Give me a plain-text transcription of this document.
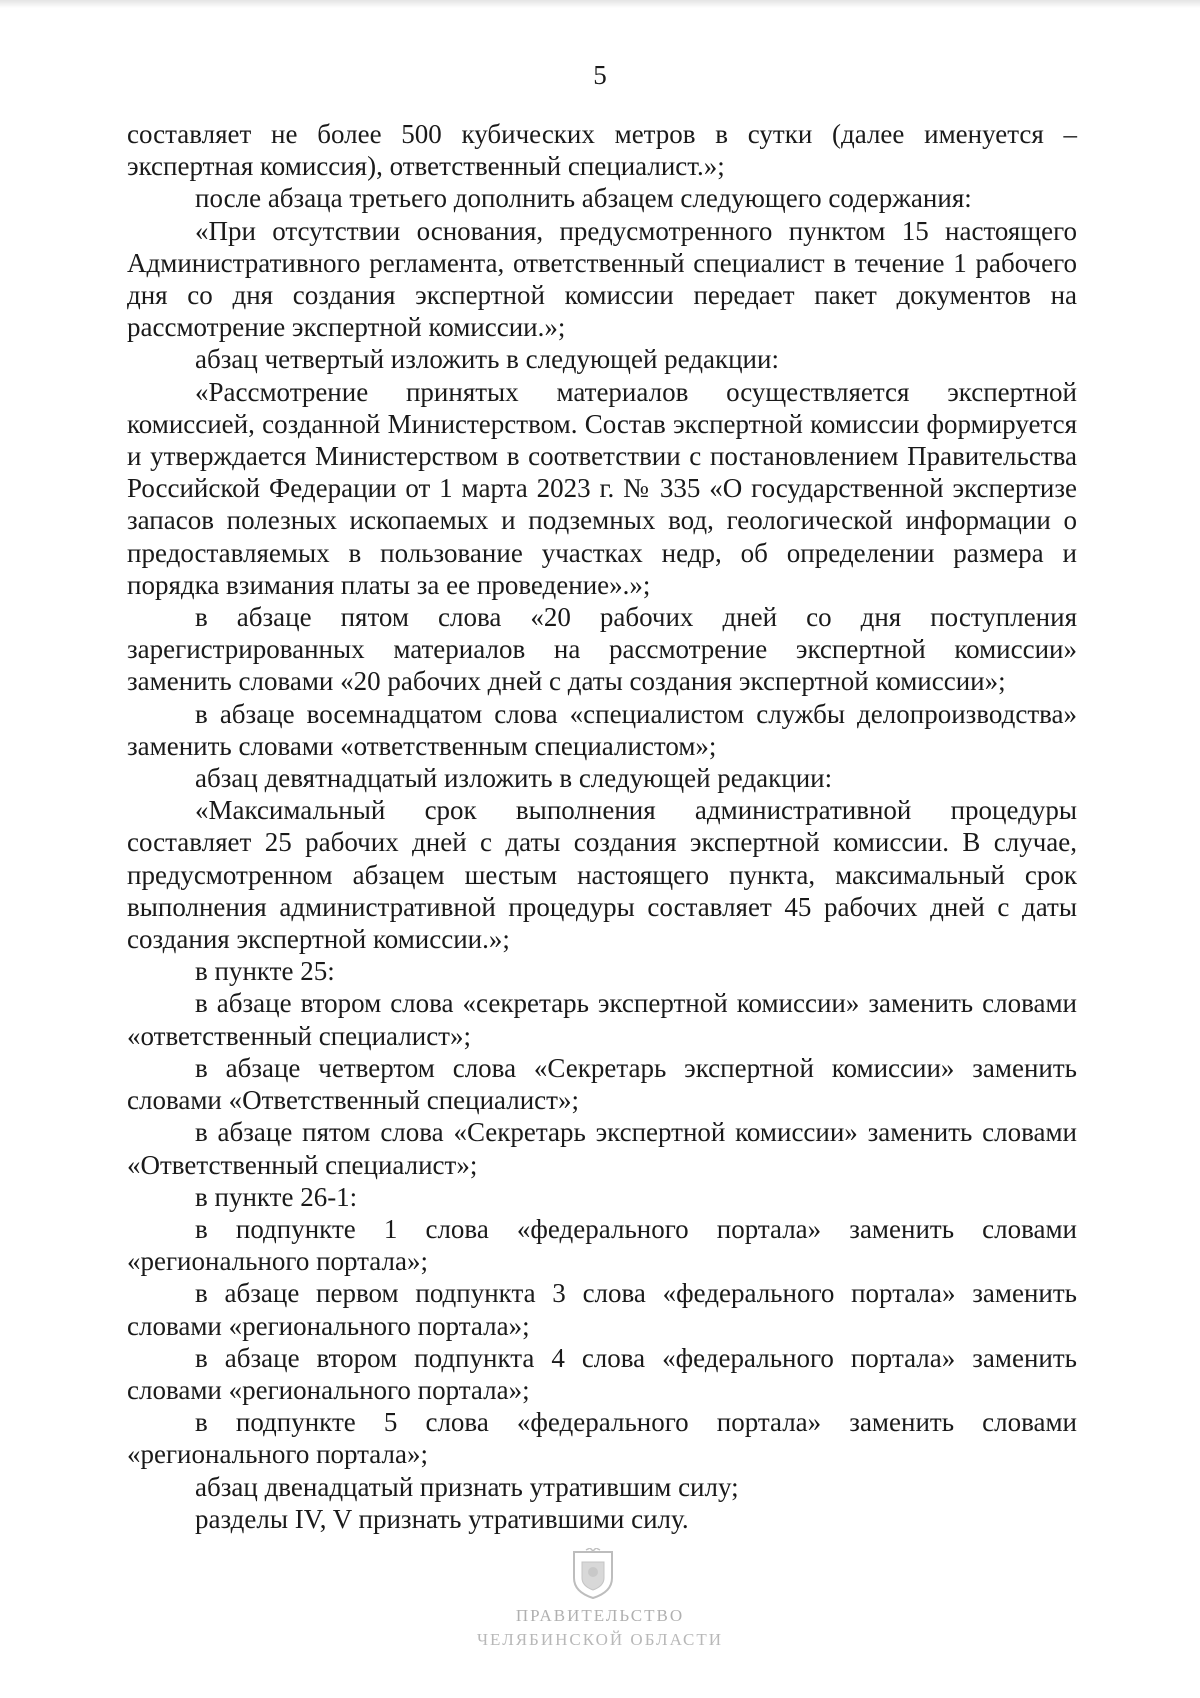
5

составляет не более 500 кубических метров в сутки (далее именуется – экспертная комиссия), ответственный специалист.»;

после абзаца третьего дополнить абзацем следующего содержания:

«При отсутствии основания, предусмотренного пунктом 15 настоящего Административного регламента, ответственный специалист в течение 1 рабочего дня со дня создания экспертной комиссии передает пакет документов на рассмотрение экспертной комиссии.»;

абзац четвертый изложить в следующей редакции:

«Рассмотрение принятых материалов осуществляется экспертной комиссией, созданной Министерством. Состав экспертной комиссии формируется и утверждается Министерством в соответствии с постановлением Правительства Российской Федерации от 1 марта 2023 г. № 335 «О государственной экспертизе запасов полезных ископаемых и подземных вод, геологической информации о предоставляемых в пользование участках недр, об определении размера и порядка взимания платы за ее проведение».»;

в абзаце пятом слова «20 рабочих дней со дня поступления зарегистрированных материалов на рассмотрение экспертной комиссии» заменить словами «20 рабочих дней с даты создания экспертной комиссии»;

в абзаце восемнадцатом слова «специалистом службы делопроизводства» заменить словами «ответственным специалистом»;

абзац девятнадцатый изложить в следующей редакции:

«Максимальный срок выполнения административной процедуры составляет 25 рабочих дней с даты создания экспертной комиссии. В случае, предусмотренном абзацем шестым настоящего пункта, максимальный срок выполнения административной процедуры составляет 45 рабочих дней с даты создания экспертной комиссии.»;

в пункте 25:

в абзаце втором слова «секретарь экспертной комиссии» заменить словами «ответственный специалист»;

в абзаце четвертом слова «Секретарь экспертной комиссии» заменить словами «Ответственный специалист»;

в абзаце пятом слова «Секретарь экспертной комиссии» заменить словами «Ответственный специалист»;

в пункте 26-1:

в подпункте 1 слова «федерального портала» заменить словами «регионального портала»;

в абзаце первом подпункта 3 слова «федерального портала» заменить словами «регионального портала»;

в абзаце втором подпункта 4 слова «федерального портала» заменить словами «регионального портала»;

в подпункте 5 слова «федерального портала» заменить словами «регионального портала»;

абзац двенадцатый признать утратившим силу;

разделы IV, V признать утратившими силу.

ПРАВИТЕЛЬСТВО
ЧЕЛЯБИНСКОЙ ОБЛАСТИ
